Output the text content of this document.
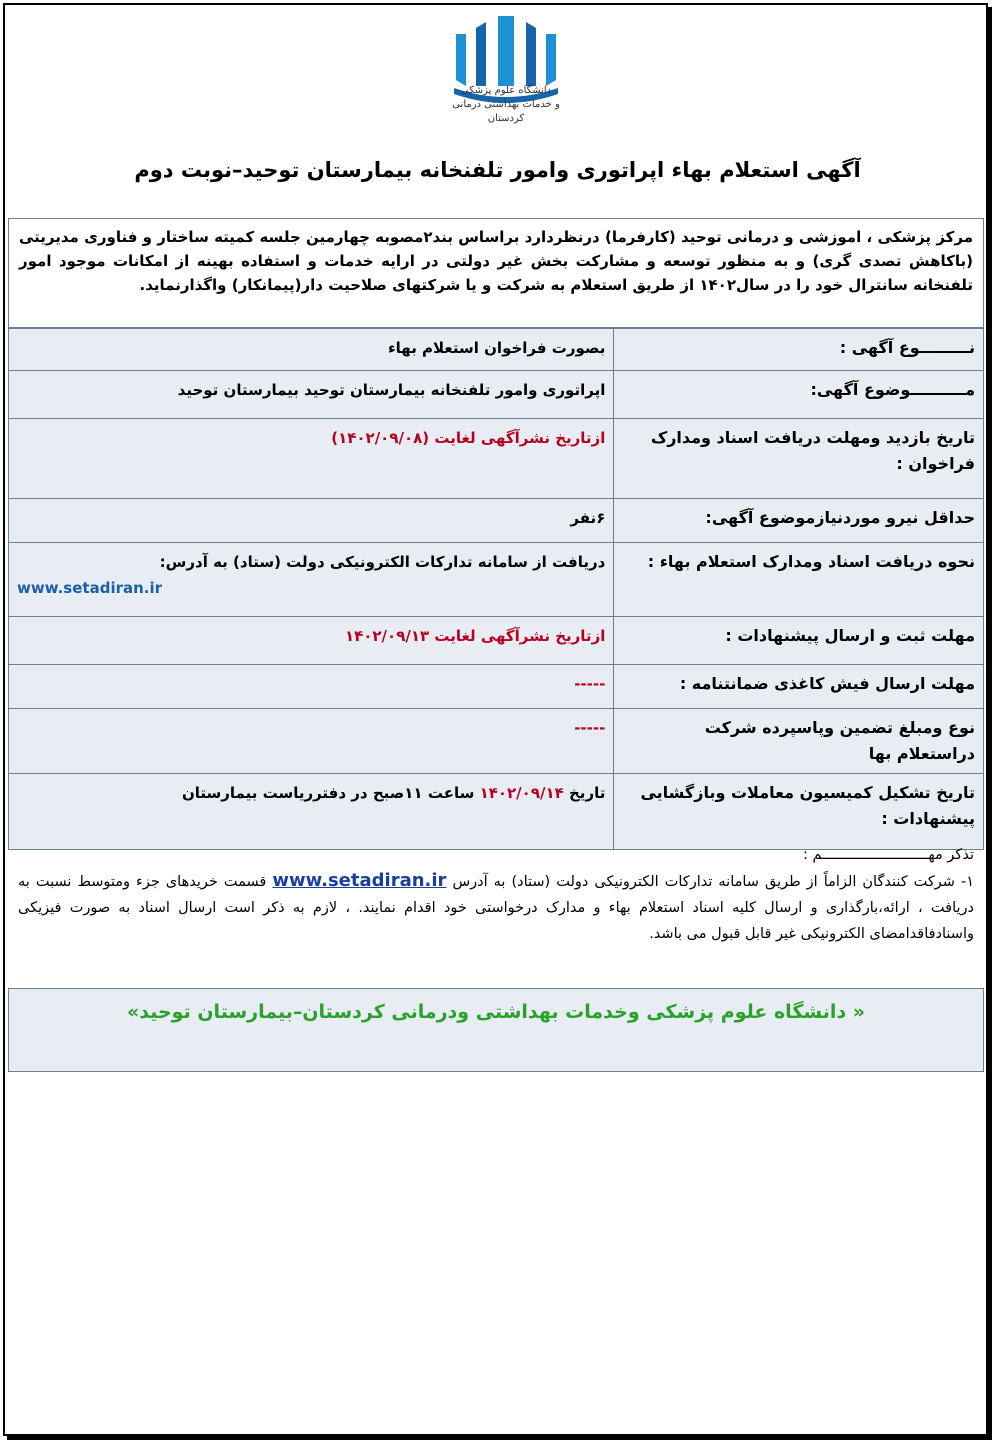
دانشگاه علوم پزشکی
و خدمات بهداشتی درمانی کردستان
آگهی استعلام بهاء اپراتوری وامور تلفنخانه بیمارستان توحید–نوبت دوم
مرکز پزشکی ، اموزشی و درمانی توحید (کارفرما) درنظردارد براساس بند۲مصوبه چهارمین جلسه کمیته ساختار و فناوری مدیریتی (باکاهش تصدی گری) و به منظور توسعه و مشارکت بخش غیر دولتی در ارایه خدمات و استفاده بهینه از امکانات موجود امور تلفنخانه سانترال خود را در سال۱۴۰۲ از طریق استعلام به شرکت و یا شرکتهای صلاحیت دار(پیمانکار) واگذارنماید.
نـــــــــوع آگهی :	بصورت فراخوان استعلام بهاء
مــــــــــوضوع آگهی:	اپراتوری وامور تلفنخانه بیمارستان توحید بیمارستان توحید
تاریخ بازدید ومهلت دریافت اسناد ومدارک فراخوان :	ازتاریخ نشرآگهی لغایت (۱۴۰۲/۰۹/۰۸)
حداقل نیرو موردنیازموضوع آگهی:	۶نفر
نحوه دریافت اسناد ومدارک استعلام بهاء :	دریافت از سامانه تدارکات الکترونیکی دولت (ستاد) به آدرس:
www.setadiran.ir

مهلت ثبت و ارسال پیشنهادات :	ازتاریخ نشرآگهی لغایت ۱۴۰۲/۰۹/۱۳
مهلت ارسال فیش کاغذی ضمانتنامه :	-----
نوع ومبلغ تضمین وپاسپرده شرکت دراستعلام بها	-----
تاریخ تشکیل کمیسیون معاملات وبازگشایی پیشنهادات :	تاریخ ۱۴۰۲/۰۹/۱۴ ساعت ۱۱صبح در دفترریاست بیمارستان
تذکر مهـــــــــــــــــــــــــم :
۱- شرکت کنندگان الزاماً از طریق سامانه تدارکات الکترونیکی دولت (ستاد) به آدرس www.setadiran.ir قسمت خریدهای جزء ومتوسط نسبت به دریافت ، ارائه،بارگذاری و ارسال کلیه اسناد استعلام بهاء و مدارک درخواستی خود اقدام نمایند. ، لازم به ذکر است ارسال اسناد به صورت فیزیکی واسنادفاقدامضای الکترونیکی غیر قابل قبول می باشد.
« دانشگاه علوم پزشکی وخدمات بهداشتی ودرمانی کردستان–بیمارستان توحید»
